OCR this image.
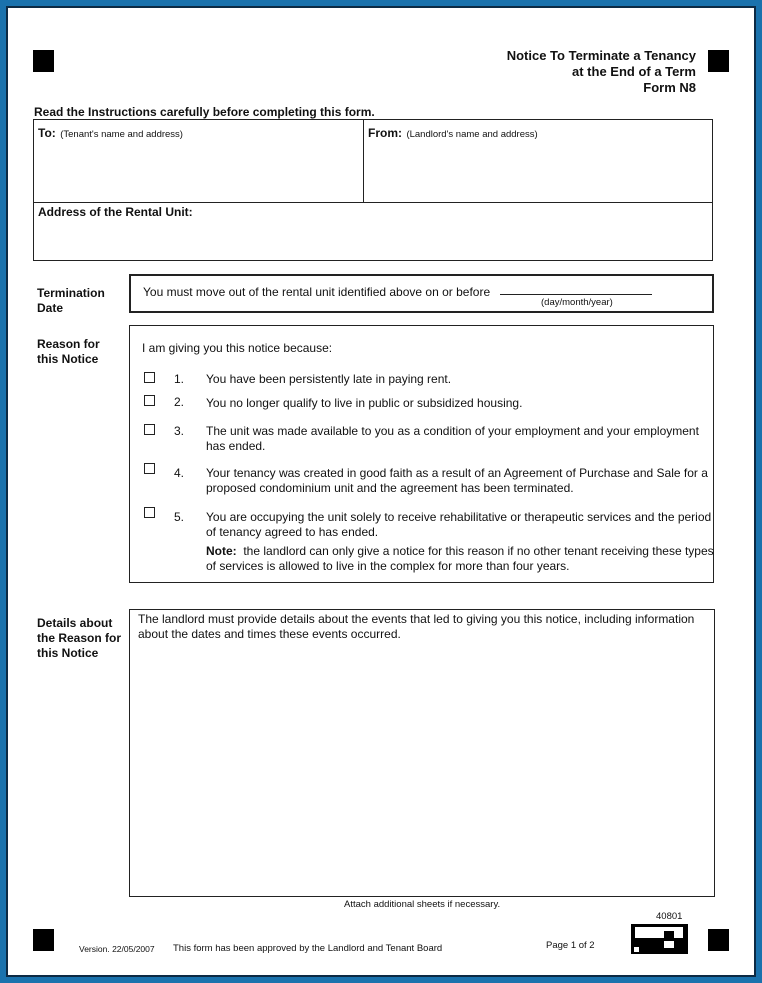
Notice To Terminate a Tenancy
at the End of a Term
Form N8
Read the Instructions carefully before completing this form.
To: (Tenant's name and address)	From: (Landlord's name and address)
Address of the Rental Unit:
Termination Date
You must move out of the rental unit identified above on or before
(day/month/year)
Reason for this Notice
I am giving you this notice because:
1. You have been persistently late in paying rent.
2. You no longer qualify to live in public or subsidized housing.
3. The unit was made available to you as a condition of your employment and your employment has ended.
4. Your tenancy was created in good faith as a result of an Agreement of Purchase and Sale for a proposed condominium unit and the agreement has been terminated.
5. You are occupying the unit solely to receive rehabilitative or therapeutic services and the period of tenancy agreed to has ended.
Note: the landlord can only give a notice for this reason if no other tenant receiving these types of services is allowed to live in the complex for more than four years.
Details about the Reason for this Notice
The landlord must provide details about the events that led to giving you this notice, including information about the dates and times these events occurred.
Attach additional sheets if necessary.
Version. 22/05/2007 This form has been approved by the Landlord and Tenant Board	Page 1 of 2
40801
